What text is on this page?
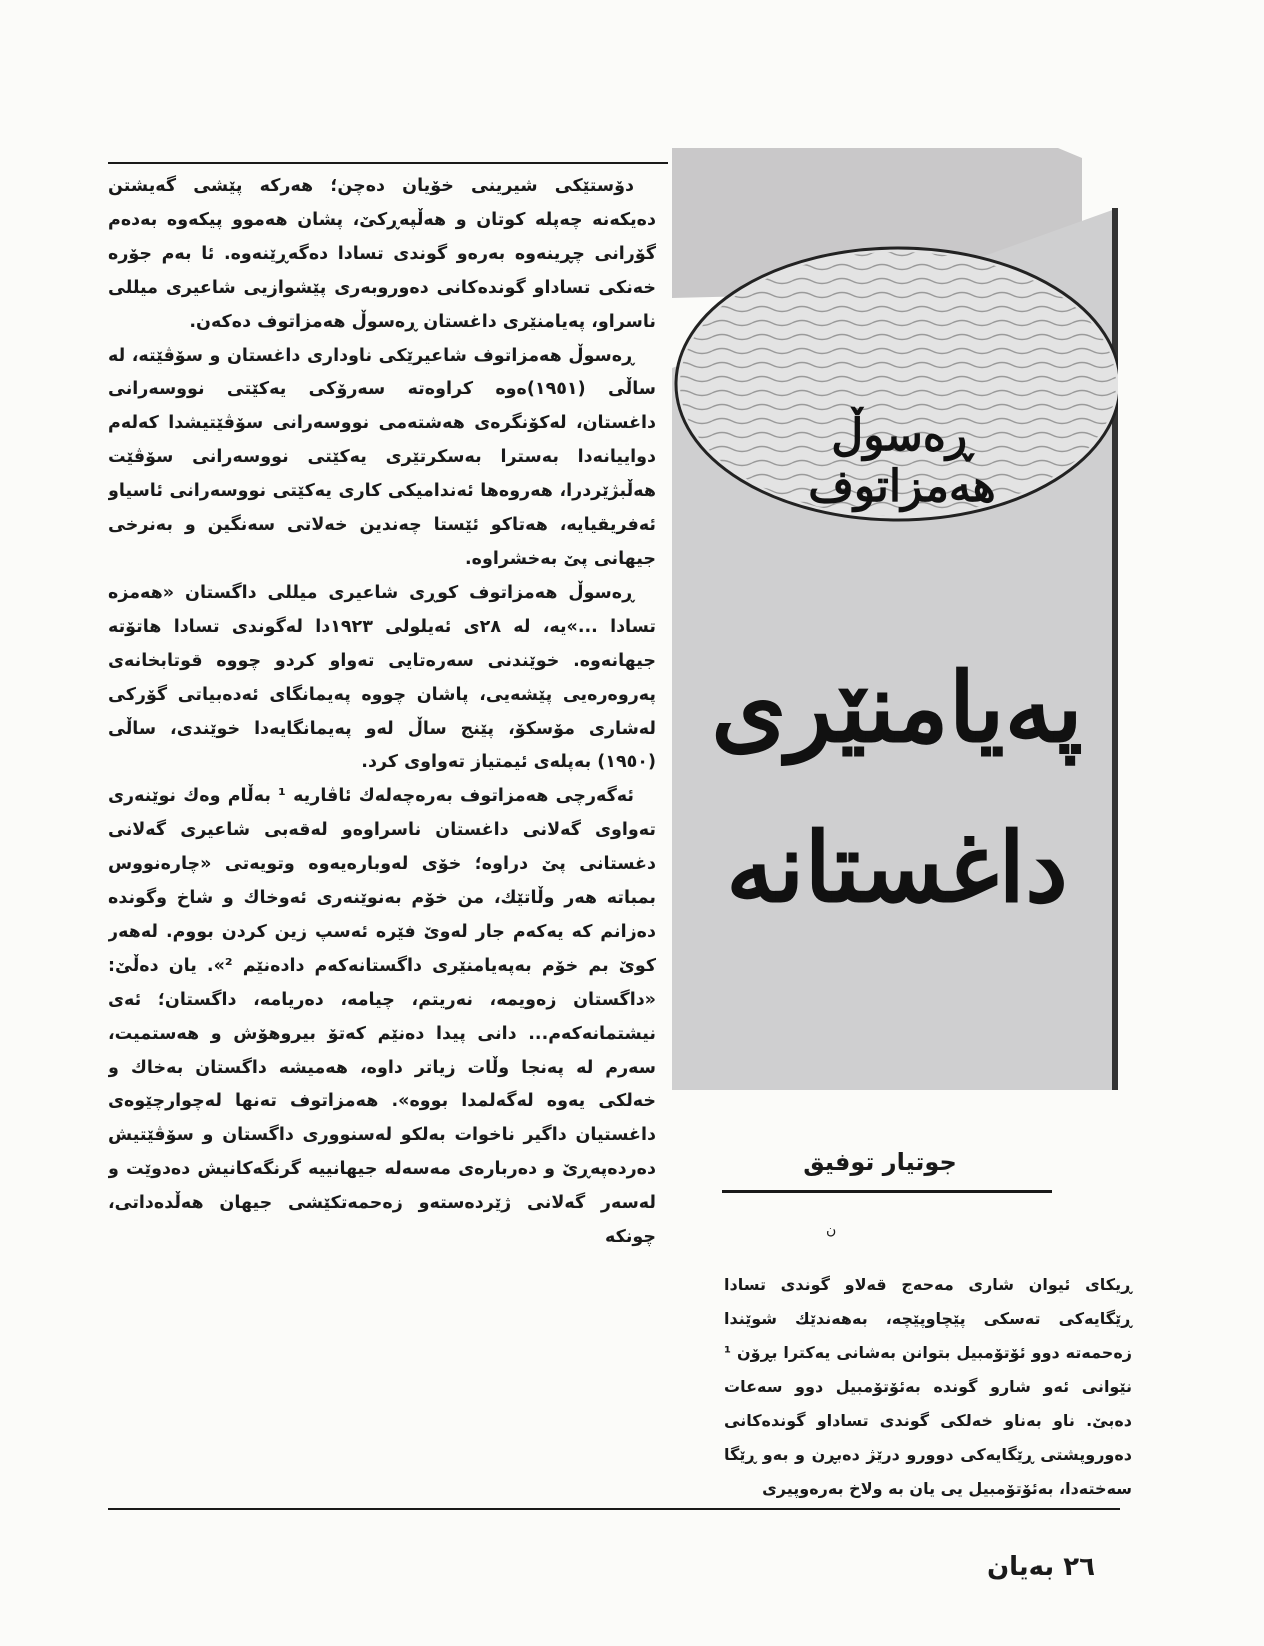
دۆستێکی شیرینی خۆیان دەچن؛ هەرکە پێشی گەیشتن دەیکەنە چەپلە کوتان و هەڵپەڕکێ، پشان هەموو پیکەوە بەدەم گۆرانی چڕینەوە بەرەو گوندی تسادا دەگەڕێنەوە. ئا بەم جۆرە خەنکی تساداو گوندەکانی دەوروبەری پێشوازیی شاعیری میللی ناسراو، پەیامنێری داغستان ڕەسوڵ هەمزاتوف دەکەن.

ڕەسوڵ هەمزاتوف شاعیرێکی ناوداری داغستان و سۆڤێتە، لە ساڵی (١٩٥١)ەوە کراوەتە سەرۆکی یەکێتی نووسەرانی داغستان، لەکۆنگرەی هەشتەمی نووسەرانی سۆڤێتیشدا کەلەم دواییانەدا بەسترا بەسکرتێری یەکێتی نووسەرانی سۆڤێت هەڵبژێردرا، هەروەها ئەندامیکی کاری یەکێتی نووسەرانی ئاسیاو ئەفریقیایە، هەتاکو ئێستا چەندین خەلاتی سەنگین و بەنرخی جیهانی پێ بەخشراوە.

ڕەسوڵ هەمزاتوف کوڕی شاعیری میللی داگستان «هەمزە تسادا ...»یە، لە ٢٨ی ئەیلولی ١٩٢٣دا لەگوندی تسادا هاتۆتە جیهانەوە. خوێندنی سەرەتایی تەواو کردو چووە قوتابخانەی پەروەرەیی پێشەیی، پاشان چووە پەیمانگای ئەدەبیاتی گۆرکی لەشاری مۆسکۆ، پێنج ساڵ لەو پەیمانگایەدا خوێندی، ساڵی (١٩٥٠) بەپلەی ئیمتیاز تەواوی کرد.

ئەگەرچی هەمزاتوف بەرەچەلەك ئاڤاریە ¹ بەڵام وەك نوێنەری تەواوی گەلانی داغستان ناسراوەو لەقەبی شاعیری گەلانی دغستانی پێ دراوە؛ خۆی لەوبارەیەوە وتویەتی «چارەنووس بمباتە هەر وڵاتێك، من خۆم بەنوێنەری ئەوخاك و شاخ وگوندە دەزانم کە یەکەم جار لەوێ فێرە ئەسپ زین کردن بووم. لەهەر کوێ بم خۆم بەپەیامنێری داگستانەکەم دادەنێم ²». یان دەڵێ: «داگستان زەویمە، نەریتم، چیامە، دەریامە، داگستان؛ ئەی نیشتمانەکەم... دانی پیدا دەنێم کەتۆ بیروهۆش و هەستمیت، سەرم لە پەنجا وڵات زیاتر داوە، هەمیشە داگستان بەخاك و خەلکی یەوە لەگەلمدا بووە». هەمزاتوف تەنها لەچوارچێوەی داغستیان داگیر ناخوات بەلکو لەسنووری داگستان و سۆڤێتیش دەردەپەڕێ و دەربارەی مەسەلە جیهانییە گرنگەکانیش دەدوێت و لەسەر گەلانی ژێردەستەو زەحمەتکێشی جیهان هەڵدەداتی، چونکە

ڕەسوڵ هەمزاتوف
پەیامنێری
داغستانە
جوتیار توفیق
ن
ڕیکای ئیوان شاری مەحەج قەلاو گوندی تسادا ڕێگایەکی تەسکی پێچاوپێچە، بەهەندێك شوێندا زەحمەتە دوو ئۆتۆمبیل بتوانن بەشانی یەکترا بڕۆن ¹ نێوانی ئەو شارو گوندە بەئۆتۆمبیل دوو سەعات دەبێ. ناو بەناو خەلکی گوندی تساداو گوندەکانی دەوروپشتی ڕێگایەکی دوورو درێژ دەبڕن و بەو ڕێگا سەختەدا، بەئۆتۆمبیل یی یان بە ولاخ بەرەوپیری
٢٦ بەیان
